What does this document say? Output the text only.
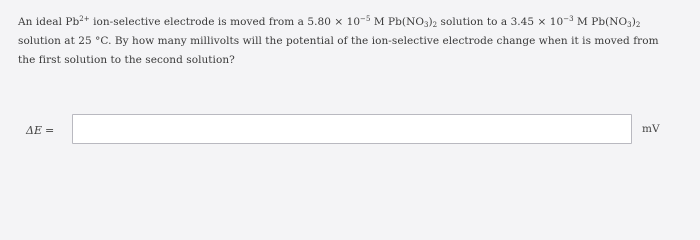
An ideal $Pb^{2+}$ ion-selective electrode is moved from a $5.80 \times 10^{-5}$ M $Pb(NO_3)_2$ solution to a $3.45 \times 10^{-3}$ M $Pb(NO_3)_2$ solution at 25 °C. By how many millivolts will the potential of the ion-selective electrode change when it is moved from the first solution to the second solution?
ΔE =	mV
